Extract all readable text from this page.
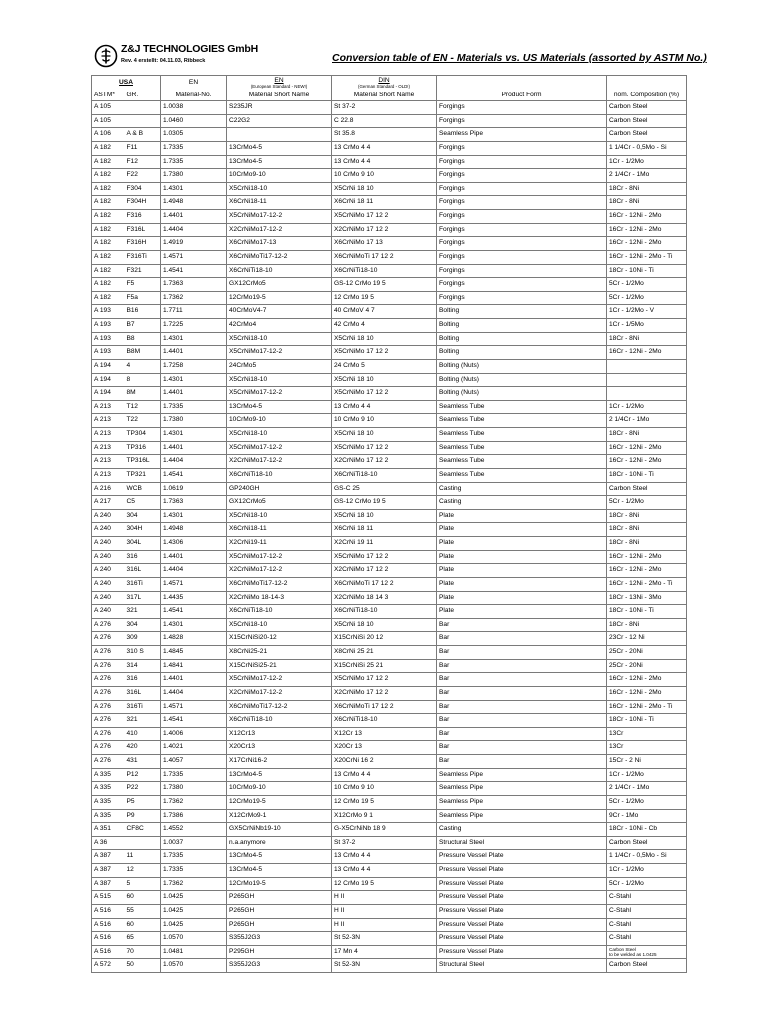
Z&J TECHNOLOGIES GmbH
Rev. 4 erstellt: 04.11.03, Ribbeck	Conversion table of EN - Materials vs. US Materials (assorted by ASTM No.)
USA		EN	EN
(European Standard - NEW!)	DIN
(German Standard - OLD!)		

ASTM*	GR.	Material-No.	Material Short Name	Material Short Name	Product Form	nom. Composition (%)
A 105		1.0038	S235JR	St 37-2	Forgings	Carbon Steel
A 105		1.0460	C22G2	C 22.8	Forgings	Carbon Steel
A 106	A & B	1.0305		St 35.8	Seamless Pipe	Carbon Steel
A 182	F11	1.7335	13CrMo4-5	13 CrMo 4 4	Forgings	1 1/4Cr - 0,5Mo - Si
A 182	F12	1.7335	13CrMo4-5	13 CrMo 4 4	Forgings	1Cr - 1/2Mo
A 182	F22	1.7380	10CrMo9-10	10 CrMo 9 10	Forgings	2 1/4Cr - 1Mo
A 182	F304	1.4301	X5CrNi18-10	X5CrNi 18 10	Forgings	18Cr - 8Ni
A 182	F304H	1.4948	X6CrNi18-11	X6CrNi 18 11	Forgings	18Cr - 8Ni
A 182	F316	1.4401	X5CrNiMo17-12-2	X5CrNiMo 17 12 2	Forgings	16Cr - 12Ni - 2Mo
A 182	F316L	1.4404	X2CrNiMo17-12-2	X2CrNiMo 17 12 2	Forgings	16Cr - 12Ni - 2Mo
A 182	F316H	1.4919	X6CrNiMo17-13	X6CrNiMo 17 13	Forgings	16Cr - 12Ni - 2Mo
A 182	F316Ti	1.4571	X6CrNiMoTi17-12-2	X6CrNiMoTi 17 12 2	Forgings	16Cr - 12Ni - 2Mo - Ti
A 182	F321	1.4541	X6CrNiTi18-10	X6CrNiTi18-10	Forgings	18Cr - 10Ni - Ti
A 182	F5	1.7363	GX12CrMo5	GS-12 CrMo 19 5	Forgings	5Cr - 1/2Mo
A 182	F5a	1.7362	12CrMo19-5	12 CrMo 19 5	Forgings	5Cr - 1/2Mo
A 193	B16	1.7711	40CrMoV4-7	40 CrMoV 4 7	Bolting	1Cr - 1/2Mo - V
A 193	B7	1.7225	42CrMo4	42 CrMo 4	Bolting	1Cr - 1/5Mo
A 193	B8	1.4301	X5CrNi18-10	X5CrNi 18 10	Bolting	18Cr - 8Ni
A 193	B8M	1.4401	X5CrNiMo17-12-2	X5CrNiMo 17 12 2	Bolting	16Cr - 12Ni - 2Mo
A 194	4	1.7258	24CrMo5	24 CrMo 5	Bolting (Nuts)	
A 194	8	1.4301	X5CrNi18-10	X5CrNi 18 10	Bolting (Nuts)	
A 194	8M	1.4401	X5CrNiMo17-12-2	X5CrNiMo 17 12 2	Bolting (Nuts)	
A 213	T12	1.7335	13CrMo4-5	13 CrMo 4 4	Seamless Tube	1Cr - 1/2Mo
A 213	T22	1.7380	10CrMo9-10	10 CrMo 9 10	Seamless Tube	2 1/4Cr - 1Mo
A 213	TP304	1.4301	X5CrNi18-10	X5CrNi 18 10	Seamless Tube	18Cr - 8Ni
A 213	TP316	1.4401	X5CrNiMo17-12-2	X5CrNiMo 17 12 2	Seamless Tube	16Cr - 12Ni - 2Mo
A 213	TP316L	1.4404	X2CrNiMo17-12-2	X2CrNiMo 17 12 2	Seamless Tube	16Cr - 12Ni - 2Mo
A 213	TP321	1.4541	X6CrNiTi18-10	X6CrNiTi18-10	Seamless Tube	18Cr - 10Ni - Ti
A 216	WCB	1.0619	GP240GH	GS-C 25	Casting	Carbon Steel
A 217	C5	1.7363	GX12CrMo5	GS-12 CrMo 19 5	Casting	5Cr - 1/2Mo
A 240	304	1.4301	X5CrNi18-10	X5CrNi 18 10	Plate	18Cr - 8Ni
A 240	304H	1.4948	X6CrNi18-11	X6CrNi 18 11	Plate	18Cr - 8Ni
A 240	304L	1.4306	X2CrNi19-11	X2CrNi 19 11	Plate	18Cr - 8Ni
A 240	316	1.4401	X5CrNiMo17-12-2	X5CrNiMo 17 12 2	Plate	16Cr - 12Ni - 2Mo
A 240	316L	1.4404	X2CrNiMo17-12-2	X2CrNiMo 17 12 2	Plate	16Cr - 12Ni - 2Mo
A 240	316Ti	1.4571	X6CrNiMoTi17-12-2	X6CrNiMoTi 17 12 2	Plate	16Cr - 12Ni - 2Mo - Ti
A 240	317L	1.4435	X2CrNiMo 18-14-3	X2CrNiMo 18 14 3	Plate	18Cr - 13Ni - 3Mo
A 240	321	1.4541	X6CrNiTi18-10	X6CrNiTi18-10	Plate	18Cr - 10Ni - Ti
A 276	304	1.4301	X5CrNi18-10	X5CrNi 18 10	Bar	18Cr - 8Ni
A 276	309	1.4828	X15CrNiSi20-12	X15CrNiSi 20 12	Bar	23Cr - 12 Ni
A 276	310 S	1.4845	X8CrNi25-21	X8CrNi 25 21	Bar	25Cr - 20Ni
A 276	314	1.4841	X15CrNiSi25-21	X15CrNiSi 25 21	Bar	25Cr - 20Ni
A 276	316	1.4401	X5CrNiMo17-12-2	X5CrNiMo 17 12 2	Bar	16Cr - 12Ni - 2Mo
A 276	316L	1.4404	X2CrNiMo17-12-2	X2CrNiMo 17 12 2	Bar	16Cr - 12Ni - 2Mo
A 276	316Ti	1.4571	X6CrNiMoTi17-12-2	X6CrNiMoTi 17 12 2	Bar	16Cr - 12Ni - 2Mo - Ti
A 276	321	1.4541	X6CrNiTi18-10	X6CrNiTi18-10	Bar	18Cr - 10Ni - Ti
A 276	410	1.4006	X12Cr13	X12Cr 13	Bar	13Cr
A 276	420	1.4021	X20Cr13	X20Cr 13	Bar	13Cr
A 276	431	1.4057	X17CrNi16-2	X20CrNi 16 2	Bar	15Cr - 2 Ni
A 335	P12	1.7335	13CrMo4-5	13 CrMo 4 4	Seamless Pipe	1Cr - 1/2Mo
A 335	P22	1.7380	10CrMo9-10	10 CrMo 9 10	Seamless Pipe	2 1/4Cr - 1Mo
A 335	P5	1.7362	12CrMo19-5	12 CrMo 19 5	Seamless Pipe	5Cr - 1/2Mo
A 335	P9	1.7386	X12CrMo9-1	X12CrMo 9 1	Seamless Pipe	9Cr - 1Mo
A 351	CF8C	1.4552	GX5CrNiNb19-10	G-X5CrNiNb 18 9	Casting	18Cr - 10Ni - Cb
A 36		1.0037	n.a.anymore	St 37-2	Structural Steel	Carbon Steel
A 387	11	1.7335	13CrMo4-5	13 CrMo 4 4	Pressure Vessel Plate	1 1/4Cr - 0,5Mo - Si
A 387	12	1.7335	13CrMo4-5	13 CrMo 4 4	Pressure Vessel Plate	1Cr - 1/2Mo
A 387	5	1.7362	12CrMo19-5	12 CrMo 19 5	Pressure Vessel Plate	5Cr - 1/2Mo
A 515	60	1.0425	P265GH	H II	Pressure Vessel Plate	C-Stahl
A 516	55	1.0425	P265GH	H II	Pressure Vessel Plate	C-Stahl
A 516	60	1.0425	P265GH	H II	Pressure Vessel Plate	C-Stahl
A 516	65	1.0570	S355J2G3	St 52-3N	Pressure Vessel Plate	C-Stahl
A 516	70	1.0481	P295GH	17 Mn 4	Pressure Vessel Plate	Carbon Steel
to be welded as 1.0425

A 572	50	1.0570	S355J2G3	St 52-3N	Structural Steel	Carbon Steel
